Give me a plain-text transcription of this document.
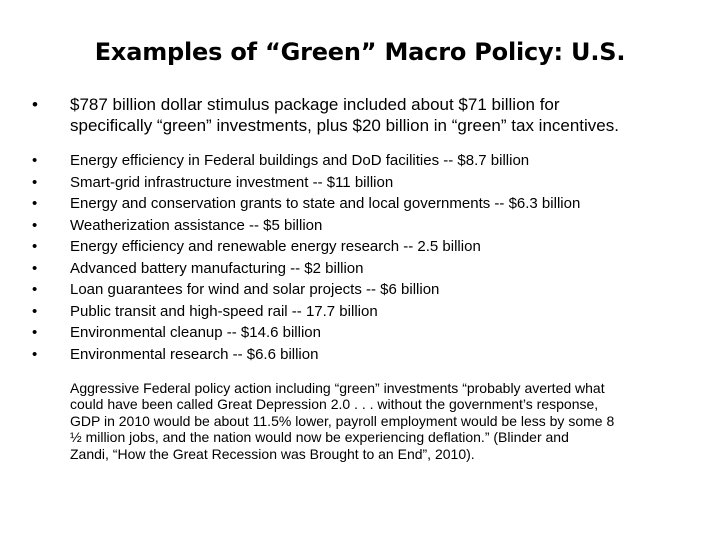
Examples of “Green” Macro Policy: U.S.
•	$787 billion dollar stimulus package included about $71 billion for
specifically “green” investments, plus $20 billion in “green” tax incentives.
•	Energy efficiency in Federal buildings and DoD facilities -- $8.7 billion
•	Smart-grid infrastructure investment -- $11 billion
•	Energy and conservation grants to state and local governments -- $6.3 billion
•	Weatherization assistance -- $5 billion
•	Energy efficiency and renewable energy research -- 2.5 billion
•	Advanced battery manufacturing -- $2 billion
•	Loan guarantees for wind and solar projects -- $6 billion
•	Public transit and high-speed rail -- 17.7 billion
•	Environmental cleanup -- $14.6 billion
•	Environmental research -- $6.6 billion
Aggressive Federal policy action including “green” investments “probably averted what
could have been called Great Depression 2.0 . . . without the government’s response,
GDP in 2010 would be about 11.5% lower, payroll employment would be less by some 8
½ million jobs, and the nation would now be experiencing deflation.” (Blinder and
Zandi, “How the Great Recession was Brought to an End”, 2010).
